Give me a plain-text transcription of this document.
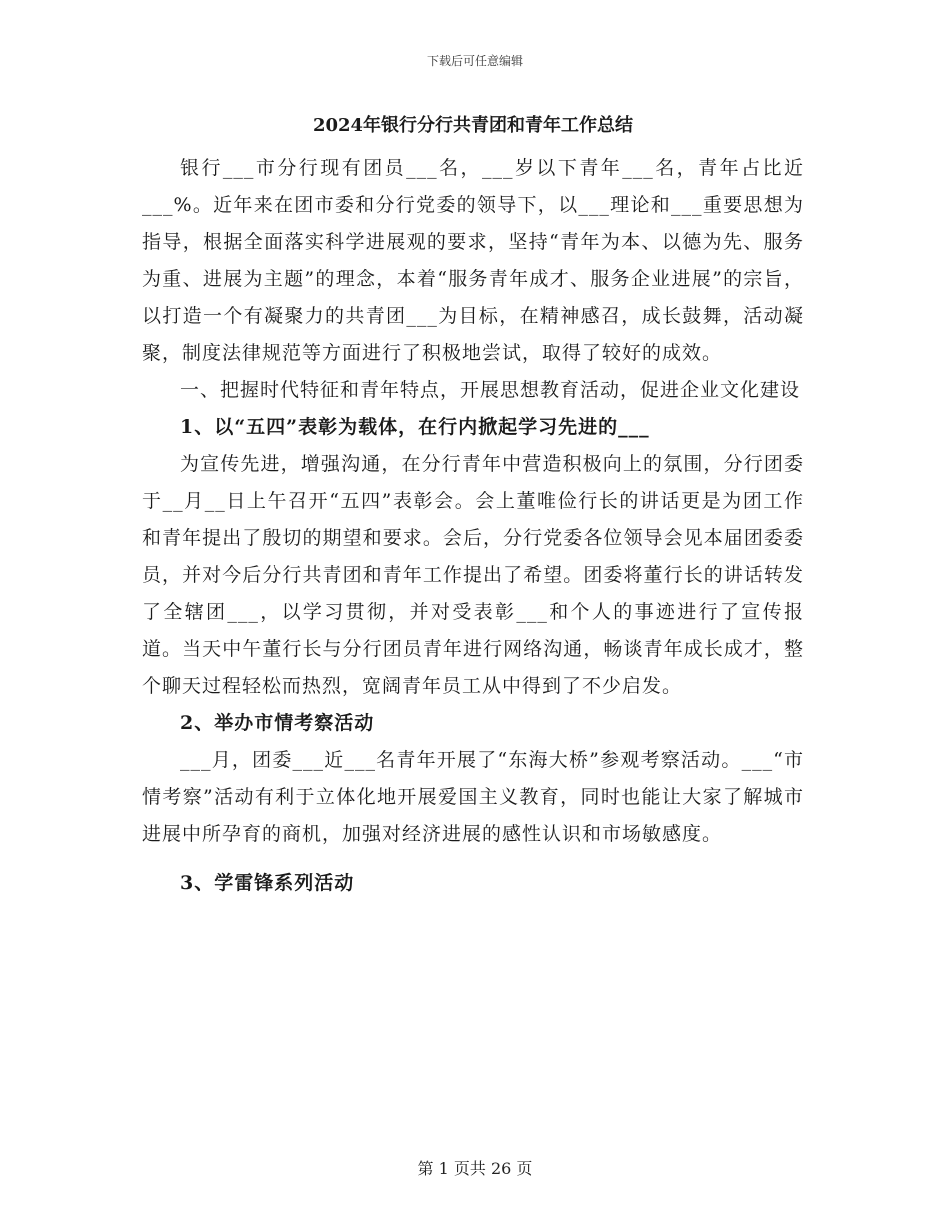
下载后可任意编辑
2024年银行分行共青团和青年工作总结

银行___市分行现有团员___名，___岁以下青年___名，青年占比近___%。近年来在团市委和分行党委的领导下，以___理论和___重要思想为指导，根据全面落实科学进展观的要求，坚持“青年为本、以德为先、服务为重、进展为主题”的理念，本着“服务青年成才、服务企业进展”的宗旨，以打造一个有凝聚力的共青团___为目标，在精神感召，成长鼓舞，活动凝聚，制度法律规范等方面进行了积极地尝试，取得了较好的成效。

一、把握时代特征和青年特点，开展思想教育活动，促进企业文化建设

1、以“五四”表彰为载体，在行内掀起学习先进的___

为宣传先进，增强沟通，在分行青年中营造积极向上的氛围，分行团委于__月__日上午召开“五四”表彰会。会上董唯俭行长的讲话更是为团工作和青年提出了殷切的期望和要求。会后，分行党委各位领导会见本届团委委员，并对今后分行共青团和青年工作提出了希望。团委将董行长的讲话转发了全辖团___，以学习贯彻，并对受表彰___和个人的事迹进行了宣传报道。当天中午董行长与分行团员青年进行网络沟通，畅谈青年成长成才，整个聊天过程轻松而热烈，宽阔青年员工从中得到了不少启发。

2、举办市情考察活动

___月，团委___近___名青年开展了“东海大桥”参观考察活动。___“市情考察”活动有利于立体化地开展爱国主义教育，同时也能让大家了解城市进展中所孕育的商机，加强对经济进展的感性认识和市场敏感度。

3、学雷锋系列活动

第 1 页共 26 页
